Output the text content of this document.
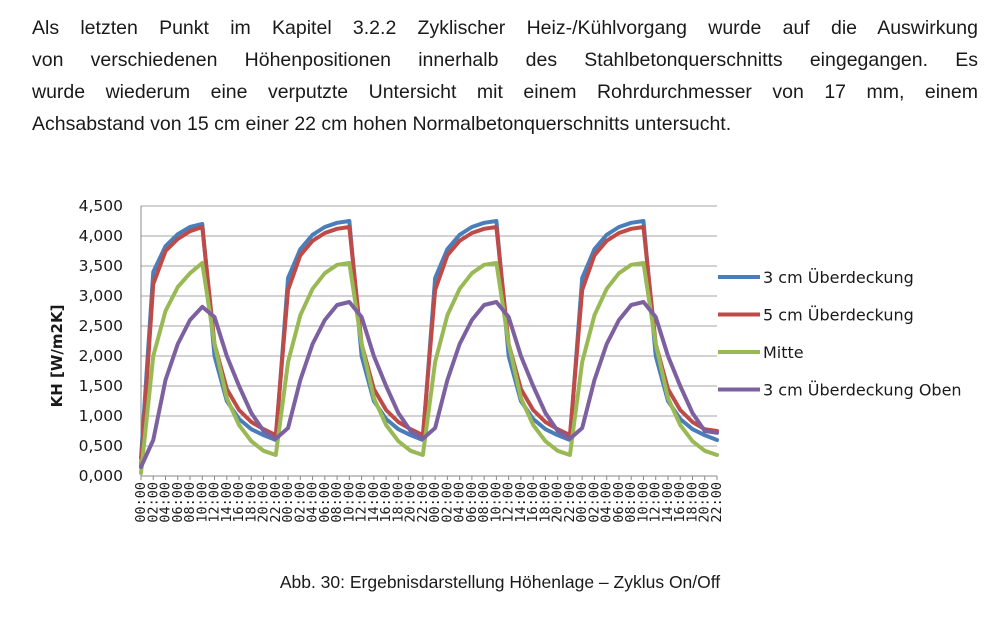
Als letzten Punkt im Kapitel 3.2.2 Zyklischer Heiz-/Kühlvorgang wurde auf die Auswirkung
von verschiedenen Höhenpositionen innerhalb des Stahlbetonquerschnitts eingegangen. Es
wurde wiederum eine verputzte Untersicht mit einem Rohrdurchmesser von 17 mm, einem
Achsabstand von 15 cm einer 22 cm hohen Normalbetonquerschnitts untersucht.
0,000
0,500
1,000
1,500
2,000
2,500
3,000
3,500
4,000
4,500
00:00
02:00
04:00
06:00
08:00
10:00
12:00
14:00
16:00
18:00
20:00
22:00
00:00
02:00
04:00
06:00
08:00
10:00
12:00
14:00
16:00
18:00
20:00
22:00
00:00
02:00
04:00
06:00
08:00
10:00
12:00
14:00
16:00
18:00
20:00
22:00
00:00
02:00
04:00
06:00
08:00
10:00
12:00
14:00
16:00
18:00
20:00
22:00
3 cm Überdeckung
5 cm Überdeckung
Mitte
3 cm Überdeckung Oben
KH [W/m2K]
Abb. 30: Ergebnisdarstellung Höhenlage – Zyklus On/Off
